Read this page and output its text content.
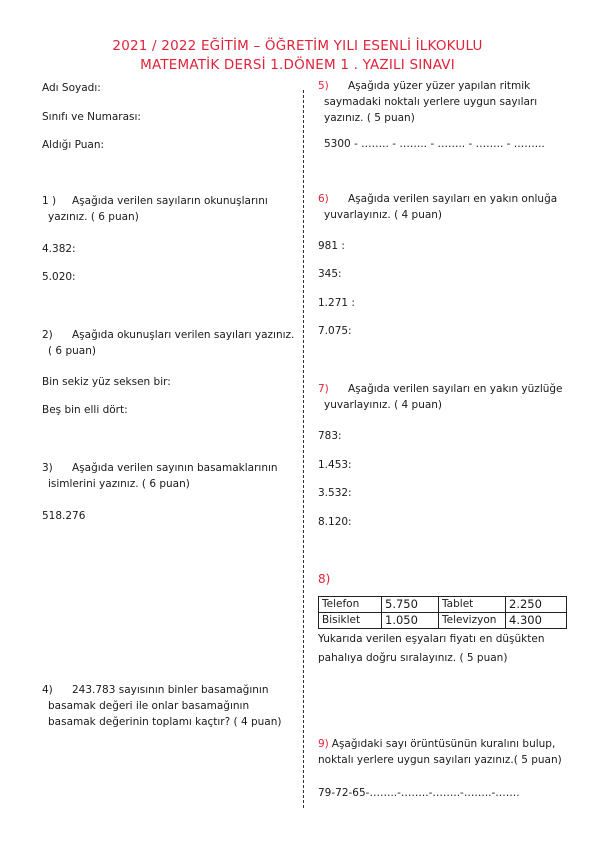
2021 / 2022 EĞİTİM – ÖĞRETİM YILI ESENLİ İLKOKULU
MATEMATİK DERSİ 1.DÖNEM 1 . YAZILI SINAVI
Adı Soyadı:
Sınıfı ve Numarası:
Aldığı Puan:
1 ) Aşağıda verilen sayıların okunuşlarını
yazınız. ( 6 puan)
4.382:
5.020:
2) Aşağıda okunuşları verilen sayıları yazınız.
( 6 puan)
Bin sekiz yüz seksen bir:
Beş bin elli dört:
3) Aşağıda verilen sayının basamaklarının
isimlerini yazınız. ( 6 puan)
518.276
4) 243.783 sayısının binler basamağının
basamak değeri ile onlar basamağının
basamak değerinin toplamı kaçtır? ( 4 puan)
5) Aşağıda yüzer yüzer yapılan ritmik
saymadaki noktalı yerlere uygun sayıları
yazınız. ( 5 puan)
5300 - …….. - …….. - …….. - …….. - ……...
6) Aşağıda verilen sayıları en yakın onluğa
yuvarlayınız. ( 4 puan)
981 :
345:
1.271 :
7.075:
7) Aşağıda verilen sayıları en yakın yüzlüğe
yuvarlayınız. ( 4 puan)
783:
1.453:
3.532:
8.120:
8)
Telefon	5.750	Tablet	2.250
Bisiklet	1.050	Televizyon	4.300
Yukarıda verilen eşyaları fiyatı en düşükten
pahalıya doğru sıralayınız. ( 5 puan)
9) Aşağıdaki sayı örüntüsünün kuralını bulup,
noktalı yerlere uygun sayıları yazınız.( 5 puan)
79-72-65-……..-……..-……..-……..-…….
